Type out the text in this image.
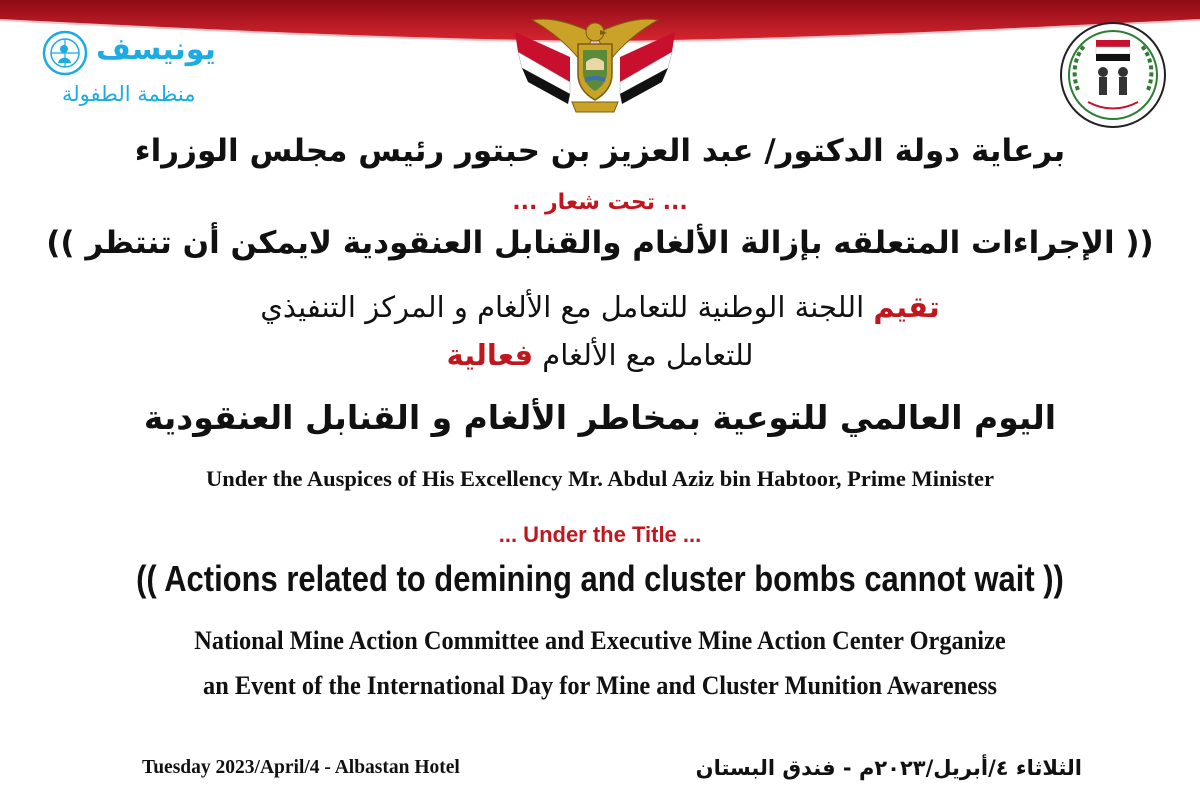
يونيسف
منظمة الطفولة
برعاية دولة الدكتور/ عبد العزيز بن حبتور رئيس مجلس الوزراء
... تحت شعار ...
(( الإجراءات المتعلقه بإزالة الألغام والقنابل العنقودية لايمكن أن تنتظر ))
تقيم اللجنة الوطنية للتعامل مع الألغام و المركز التنفيذي
للتعامل مع الألغام فعالية
اليوم العالمي للتوعية بمخاطر الألغام و القنابل العنقودية
Under the Auspices of His Excellency Mr. Abdul Aziz bin Habtoor, Prime Minister
... Under the Title ...
(( Actions related to demining and cluster bombs cannot wait ))
National Mine Action Committee and Executive Mine Action Center Organize
an Event of the International Day for Mine and Cluster Munition Awareness
Tuesday 2023/April/4 - Albastan Hotel	الثلاثاء ٤/أبريل/٢٠٢٣م - فندق البستان
